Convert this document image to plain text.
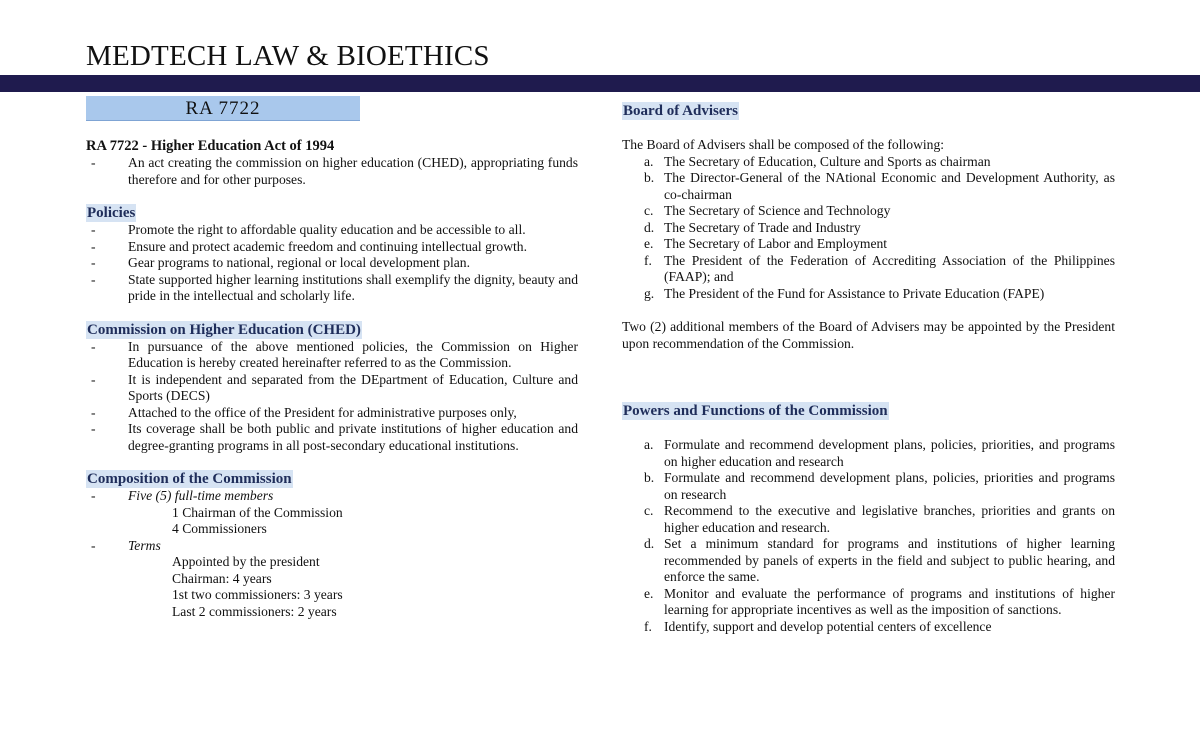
MEDTECH LAW & BIOETHICS
RA 7722
RA 7722 - Higher Education Act of 1994
- An act creating the commission on higher education (CHED), appropriating funds therefore and for other purposes.
Policies
- Promote the right to affordable quality education and be accessible to all.
- Ensure and protect academic freedom and continuing intellectual growth.
- Gear programs to national, regional or local development plan.
- State supported higher learning institutions shall exemplify the dignity, beauty and pride in the intellectual and scholarly life.
Commission on Higher Education (CHED)
- In pursuance of the above mentioned policies, the Commission on Higher Education is hereby created hereinafter referred to as the Commission.
- It is independent and separated from the DEpartment of Education, Culture and Sports (DECS)
- Attached to the office of the President for administrative purposes only,
- Its coverage shall be both public and private institutions of higher education and degree-granting programs in all post-secondary educational institutions.
Composition of the Commission
- Five (5) full-time members
1 Chairman of the Commission
4 Commissioners
- Terms
Appointed by the president
Chairman: 4 years
1st two commissioners: 3 years
Last 2 commissioners: 2 years
Board of Advisers

The Board of Advisers shall be composed of the following:

a. The Secretary of Education, Culture and Sports as chairman
b. The Director-General of the NAtional Economic and Development Authority, as co-chairman
c. The Secretary of Science and Technology
d. The Secretary of Trade and Industry
e. The Secretary of Labor and Employment
f. The President of the Federation of Accrediting Association of the Philippines (FAAP); and
g. The President of the Fund for Assistance to Private Education (FAPE)

Two (2) additional members of the Board of Advisers may be appointed by the President upon recommendation of the Commission.

Powers and Functions of the Commission
a. Formulate and recommend development plans, policies, priorities, and programs on higher education and research
b. Formulate and recommend development plans, policies, priorities and programs on research
c. Recommend to the executive and legislative branches, priorities and grants on higher education and research.
d. Set a minimum standard for programs and institutions of higher learning recommended by panels of experts in the field and subject to public hearing, and enforce the same.
e. Monitor and evaluate the performance of programs and institutions of higher learning for appropriate incentives as well as the imposition of sanctions.
f. Identify, support and develop potential centers of excellence
